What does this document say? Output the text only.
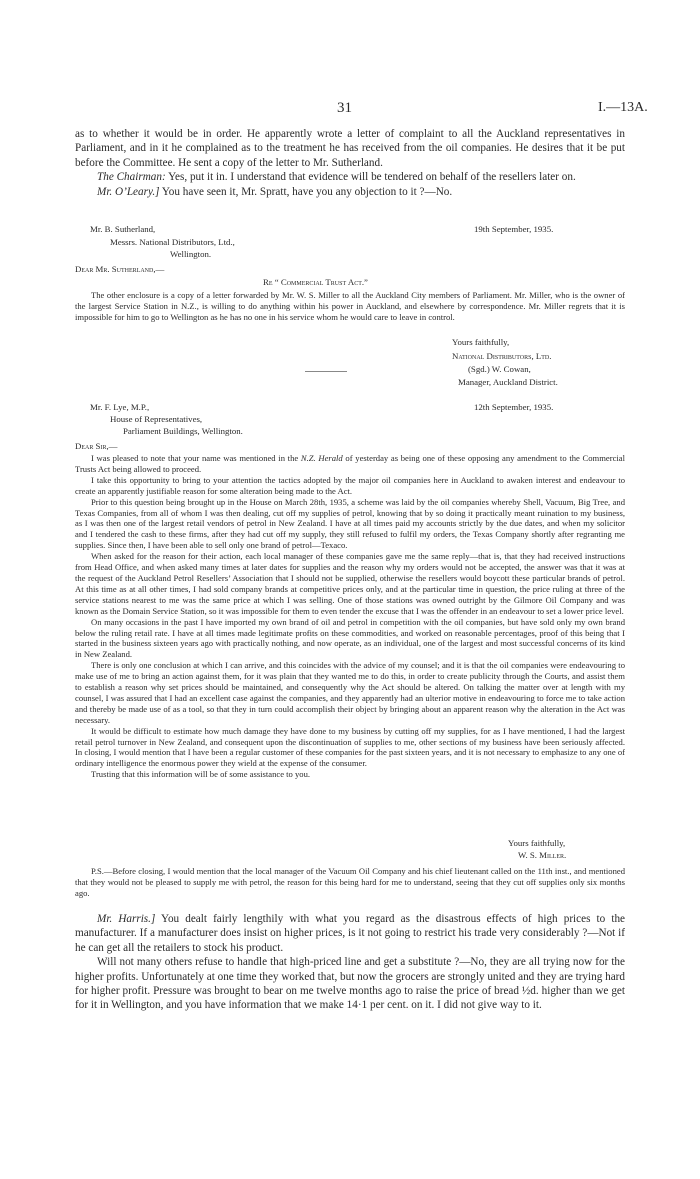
31	I.—13A.

as to whether it would be in order. He apparently wrote a letter of complaint to all the Auckland representatives in Parliament, and in it he complained as to the treatment he has received from the oil companies. He desires that it be put before the Committee. He sent a copy of the letter to Mr. Sutherland.

The Chairman: Yes, put it in. I understand that evidence will be tendered on behalf of the resellers later on.

Mr. O’Leary.] You have seen it, Mr. Spratt, have you any objection to it ?—No.

Mr. B. Sutherland,	19th September, 1935.
Messrs. National Distributors, Ltd.,
Wellington.
Dear Mr. Sutherland,—
Re “ Commercial Trust Act.”

The other enclosure is a copy of a letter forwarded by Mr. W. S. Miller to all the Auckland City members of Parliament. Mr. Miller, who is the owner of the largest Service Station in N.Z., is willing to do anything within his power in Auckland, and elsewhere by correspondence. Mr. Miller regrets that it is impossible for him to go to Wellington as he has no one in his service whom he would care to leave in control.

Yours faithfully,
National Distributors, Ltd.
(Sgd.) W. Cowan,
Manager, Auckland District.
Mr. F. Lye, M.P.,	12th September, 1935.
House of Representatives,
Parliament Buildings, Wellington.
Dear Sir,—

I was pleased to note that your name was mentioned in the N.Z. Herald of yesterday as being one of these opposing any amendment to the Commercial Trusts Act being allowed to proceed.

I take this opportunity to bring to your attention the tactics adopted by the major oil companies here in Auckland to awaken interest and endeavour to create an apparently justifiable reason for some alteration being made to the Act.

Prior to this question being brought up in the House on March 28th, 1935, a scheme was laid by the oil companies whereby Shell, Vacuum, Big Tree, and Texas Companies, from all of whom I was then dealing, cut off my supplies of petrol, knowing that by so doing it practically meant ruination to my business, as I was then one of the largest retail vendors of petrol in New Zealand. I have at all times paid my accounts strictly by the due dates, and when my solicitor and I tendered the cash to these firms, after they had cut off my supply, they still refused to fulfil my orders, the Texas Company shortly after regranting me supplies. Since then, I have been able to sell only one brand of petrol—Texaco.

When asked for the reason for their action, each local manager of these companies gave me the same reply—that is, that they had received instructions from Head Office, and when asked many times at later dates for supplies and the reason why my orders would not be accepted, the answer was that it was at the request of the Auckland Petrol Resellers’ Association that I should not be supplied, otherwise the resellers would boycott these particular brands of petrol. At this time as at all other times, I had sold company brands at competitive prices only, and at the particular time in question, the price ruling at three of the service stations nearest to me was the same price at which I was selling. One of those stations was owned outright by the Gilmore Oil Company and was known as the Domain Service Station, so it was impossible for them to even tender the excuse that I was the offender in an endeavour to set a lower price level.

On many occasions in the past I have imported my own brand of oil and petrol in competition with the oil companies, but have sold only my own brand below the ruling retail rate. I have at all times made legitimate profits on these commodities, and worked on reasonable percentages, proof of this being that I started in the business sixteen years ago with practically nothing, and now operate, as an individual, one of the largest and most successful concerns of its kind in New Zealand.

There is only one conclusion at which I can arrive, and this coincides with the advice of my counsel; and it is that the oil companies were endeavouring to make use of me to bring an action against them, for it was plain that they wanted me to do this, in order to create publicity through the Courts, and assist them to establish a reason why set prices should be maintained, and consequently why the Act should be altered. On talking the matter over at length with my counsel, I was assured that I had an excellent case against the companies, and they apparently had an ulterior motive in endeavouring to force me to take action and thereby be made use of as a tool, so that they in turn could accomplish their object by bringing about an apparent reason why the alteration in the Act was necessary.

It would be difficult to estimate how much damage they have done to my business by cutting off my supplies, for as I have mentioned, I had the largest retail petrol turnover in New Zealand, and consequent upon the discontinuation of supplies to me, other sections of my business have been seriously affected. In closing, I would mention that I have been a regular customer of these companies for the past sixteen years, and it is not necessary to emphasize to any one of ordinary intelligence the enormous power they wield at the expense of the consumer.

Trusting that this information will be of some assistance to you.

Yours faithfully,
W. S. Miller.

P.S.—Before closing, I would mention that the local manager of the Vacuum Oil Company and his chief lieutenant called on the 11th inst., and mentioned that they would not be pleased to supply me with petrol, the reason for this being hard for me to understand, seeing that they cut off supplies only six months ago.

Mr. Harris.] You dealt fairly lengthily with what you regard as the disastrous effects of high prices to the manufacturer. If a manufacturer does insist on higher prices, is it not going to restrict his trade very considerably ?—Not if he can get all the retailers to stock his product.

Will not many others refuse to handle that high-priced line and get a substitute ?—No, they are all trying now for the higher profits. Unfortunately at one time they worked that, but now the grocers are strongly united and they are trying hard for higher profit. Pressure was brought to bear on me twelve months ago to raise the price of bread ½d. higher than we get for it in Wellington, and you have information that we make 14·1 per cent. on it. I did not give way to it.
